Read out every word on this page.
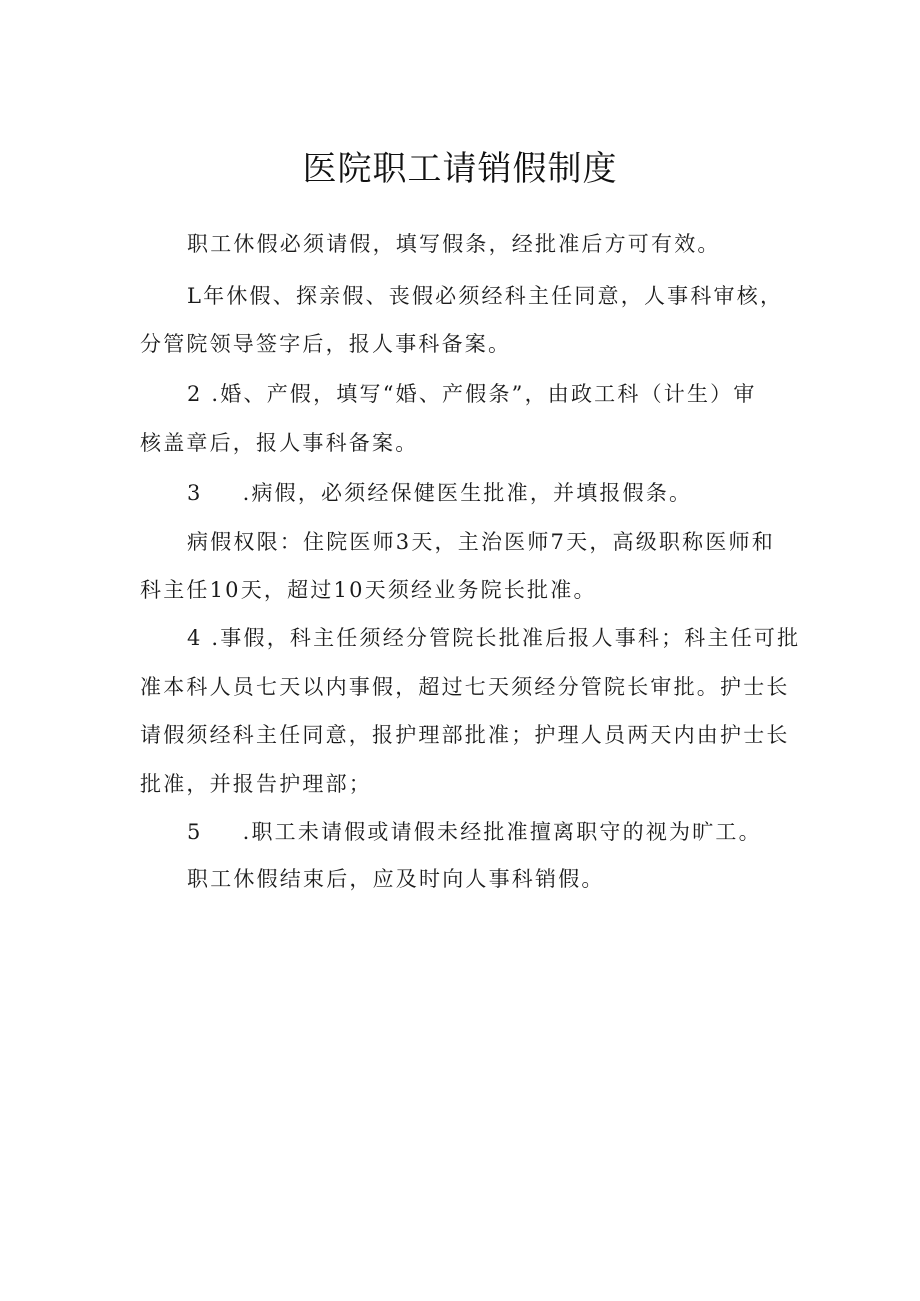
医院职工请销假制度

职工休假必须请假，填写假条，经批准后方可有效。

L年休假、探亲假、丧假必须经科主任同意，人事科审核，

分管院领导签字后，报人事科备案。

2 .婚、产假，填写“婚、产假条”，由政工科（计生）审

核盖章后，报人事科备案。

3 .病假，必须经保健医生批准，并填报假条。

病假权限：住院医师3天，主治医师7天，高级职称医师和

科主任10天，超过10天须经业务院长批准。

4 .事假，科主任须经分管院长批准后报人事科；科主任可批

准本科人员七天以内事假，超过七天须经分管院长审批。护士长

请假须经科主任同意，报护理部批准；护理人员两天内由护士长

批准，并报告护理部；

5 .职工未请假或请假未经批准擅离职守的视为旷工。

职工休假结束后，应及时向人事科销假。
